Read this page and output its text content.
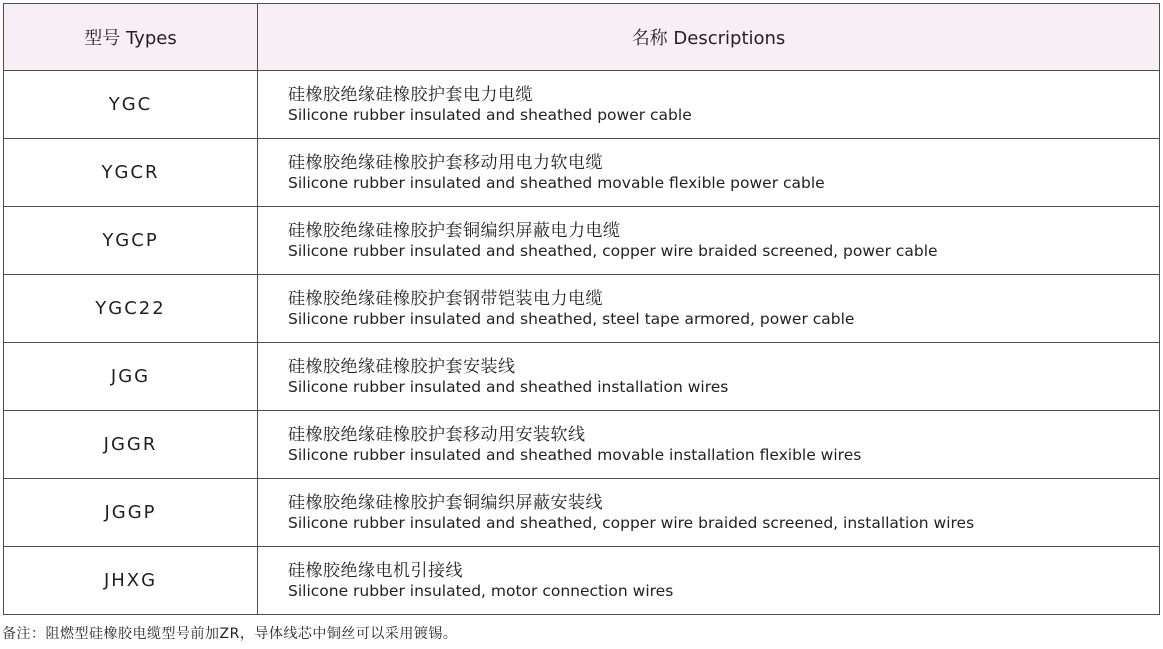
型号 Types	名称 Descriptions
YGC	硅橡胶绝缘硅橡胶护套电力电缆
Silicone rubber insulated and sheathed power cable

YGCR	硅橡胶绝缘硅橡胶护套移动用电力软电缆
Silicone rubber insulated and sheathed movable flexible power cable

YGCP	硅橡胶绝缘硅橡胶护套铜编织屏蔽电力电缆
Silicone rubber insulated and sheathed, copper wire braided screened, power cable

YGC22	硅橡胶绝缘硅橡胶护套钢带铠装电力电缆
Silicone rubber insulated and sheathed, steel tape armored, power cable

JGG	硅橡胶绝缘硅橡胶护套安装线
Silicone rubber insulated and sheathed installation wires

JGGR	硅橡胶绝缘硅橡胶护套移动用安装软线
Silicone rubber insulated and sheathed movable installation flexible wires

JGGP	硅橡胶绝缘硅橡胶护套铜编织屏蔽安装线
Silicone rubber insulated and sheathed, copper wire braided screened, installation wires

JHXG	硅橡胶绝缘电机引接线
Silicone rubber insulated, motor connection wires
备注：阻燃型硅橡胶电缆型号前加ZR，导体线芯中铜丝可以采用镀锡。
